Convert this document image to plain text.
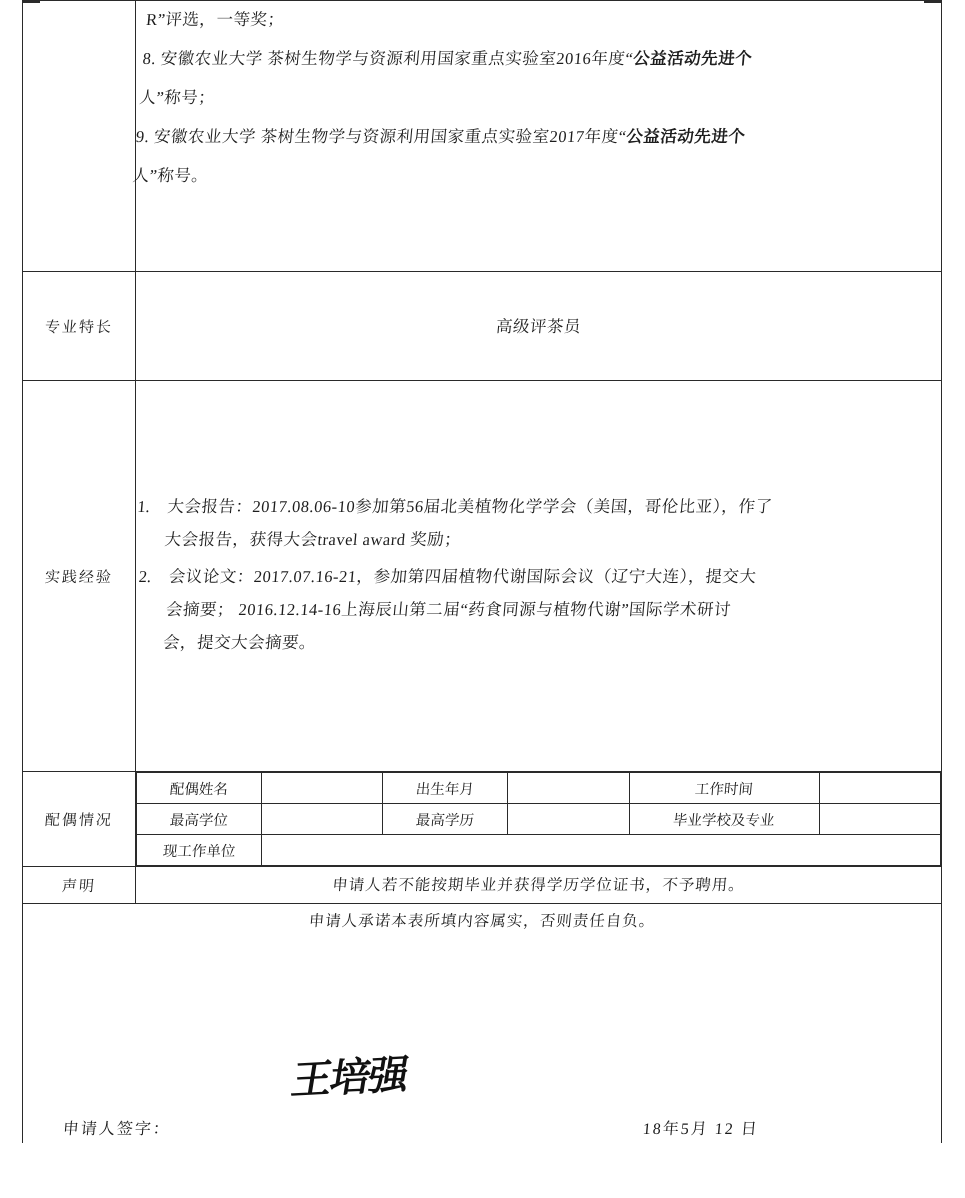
R”评选，一等奖；

8. 安徽农业大学 茶树生物学与资源利用国家重点实验室2016年度“公益活动先进个

人”称号；

9. 安徽农业大学 茶树生物学与资源利用国家重点实验室2017年度“公益活动先进个

人”称号。

专业特长	高级评茶员

实践经验	
1. 大会报告：2017.08.06-10参加第56届北美植物化学学会（美国，哥伦比亚），作了
大会报告，获得大会travel award 奖励；
2. 会议论文：2017.07.16-21，参加第四届植物代谢国际会议（辽宁大连），提交大
会摘要； 2016.12.14-16上海辰山第二届“药食同源与植物代谢”国际学术研讨
会，提交大会摘要。

配偶情况	
配偶姓名		出生年月		工作时间	
最高学位		最高学历		毕业学校及专业	
现工作单位	

声明	申请人若不能按期毕业并获得学历学位证书，不予聘用。

申请人承诺本表所填内容属实，否则责任自负。

王培强
申请人签字：	18年5月 12 日
